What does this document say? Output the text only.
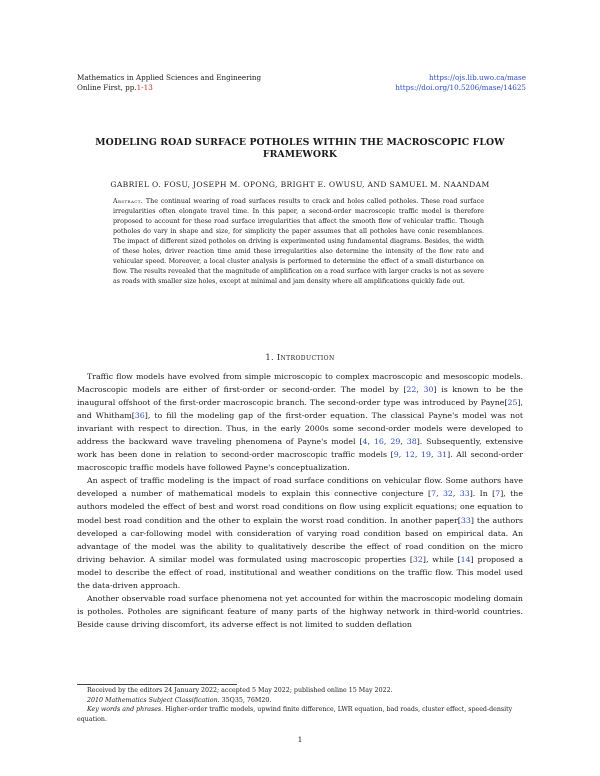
Mathematics in Applied Sciences and Engineering
Online First, pp.1-13
https://ojs.lib.uwo.ca/mase
https://doi.org/10.5206/mase/14625
MODELING ROAD SURFACE POTHOLES WITHIN THE MACROSCOPIC FLOW
FRAMEWORK
GABRIEL O. FOSU, JOSEPH M. OPONG, BRIGHT E. OWUSU, AND SAMUEL M. NAANDAM
Abstract. The continual wearing of road surfaces results to crack and holes called potholes. These road surface irregularities often elongate travel time. In this paper, a second-order macroscopic traffic model is therefore proposed to account for these road surface irregularities that affect the smooth flow of vehicular traffic. Though potholes do vary in shape and size, for simplicity the paper assumes that all potholes have conic resemblances. The impact of different sized potholes on driving is experimented using fundamental diagrams. Besides, the width of these holes, driver reaction time amid these irregularities also determine the intensity of the flow rate and vehicular speed. Moreover, a local cluster analysis is performed to determine the effect of a small disturbance on flow. The results revealed that the magnitude of amplification on a road surface with larger cracks is not as severe as roads with smaller size holes, except at minimal and jam density where all amplifications quickly fade out.
1. Introduction

Traffic flow models have evolved from simple microscopic to complex macroscopic and mesoscopic models. Macroscopic models are either of first-order or second-order. The model by [22, 30] is known to be the inaugural offshoot of the first-order macroscopic branch. The second-order type was introduced by Payne[25], and Whitham[36], to fill the modeling gap of the first-order equation. The classical Payne's model was not invariant with respect to direction. Thus, in the early 2000s some second-order models were developed to address the backward wave traveling phenomena of Payne's model [4, 16, 29, 38]. Subsequently, extensive work has been done in relation to second-order macroscopic traffic models [9, 12, 19, 31]. All second-order macroscopic traffic models have followed Payne's conceptualization.

An aspect of traffic modeling is the impact of road surface conditions on vehicular flow. Some authors have developed a number of mathematical models to explain this connective conjecture [7, 32, 33]. In [7], the authors modeled the effect of best and worst road conditions on flow using explicit equations; one equation to model best road condition and the other to explain the worst road condition. In another paper[33] the authors developed a car-following model with consideration of varying road condition based on empirical data. An advantage of the model was the ability to qualitatively describe the effect of road condition on the micro driving behavior. A similar model was formulated using macroscopic properties [32], while [14] proposed a model to describe the effect of road, institutional and weather conditions on the traffic flow. This model used the data-driven approach.

Another observable road surface phenomena not yet accounted for within the macroscopic modeling domain is potholes. Potholes are significant feature of many parts of the highway network in third-world countries. Beside cause driving discomfort, its adverse effect is not limited to sudden deflation

Received by the editors 24 January 2022; accepted 5 May 2022; published online 15 May 2022.
2010 Mathematics Subject Classification. 35Q35, 76M20.
Key words and phrases. Higher-order traffic models, upwind finite difference, LWR equation, bad roads, cluster effect, speed-density equation.
1
